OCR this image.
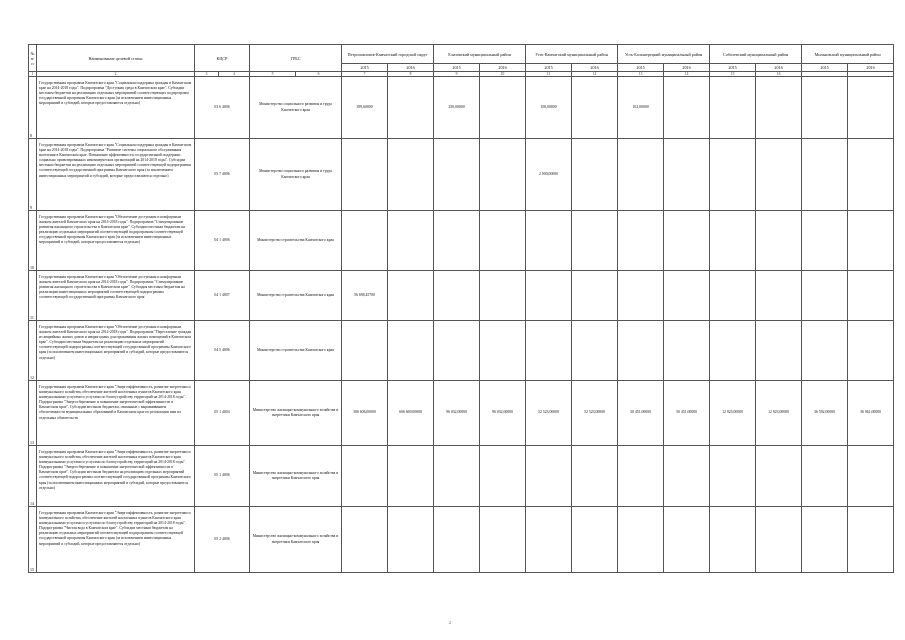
№ п/п	Наименование целевой статьи	КЦСР		ГРБС		Петропавловск-Камчатский городской округ		Елизовский муниципальный район		Усть-Камчатский муниципальный район		Усть-Большерецкий муниципальный район		Соболевский муниципальный район		Мильковский муниципальный район	
						2015	2016	2015	2016	2015	2016	2015	2016	2015	2016	2015	2016
1	2	3	4	5	6	7	8	9	10	11	12	13	14	15	16		
8	Государственная программа Камчатского края "Социальная поддержка граждан в Камчатском крае на 2014-2018 годы". Подпрограмма "Доступная среда в Камчатском крае". Субсидии местным бюджетам на реализацию отдельных мероприятий соответствующих подпрограмм государственной программы Камчатского края (за исключением инвестиционных мероприятий и субсидий, которые предоставляются отдельно)	03 6 4006		Министерство социального развития и труда Камчатского края		399,60000		250,00000		100,00000		102,00000					
9	Государственная программа Камчатского края "Социальная поддержка граждан в Камчатском крае на 2014-2018 годы". Подпрограмма "Развитие системы социального обслуживания населения в Камчатском крае. Повышение эффективности государственной поддержки социально ориентированных некоммерческих организаций на 2014-2018 годы". Субсидии местным бюджетам на реализацию отдельных мероприятий соответствующей подпрограммы соответствующей государственной программы Камчатского края (за исключением инвестиционных мероприятий и субсидий, которые предоставляются отдельно)	03 7 4006		Министерство социального развития и труда Камчатского края						2 000,00000							
10	Государственная программа Камчатского края "Обеспечение доступным и комфортным жильем жителей Камчатского края на 2014-2018 годы". Подпрограмма "Стимулирование развития жилищного строительства в Камчатском крае". Субсидии местным бюджетам на реализацию отдельных мероприятий соответствующей подпрограммы соответствующей государственной программы Камчатского края (за исключением инвестиционных мероприятий и субсидий, которые предоставляются отдельно)	04 1 4006		Министерство строительства Камчатского края													
11	Государственная программа Камчатского края "Обеспечение доступным и комфортным жильем жителей Камчатского края на 2014-2018 годы". Подпрограмма "Стимулирование развития жилищного строительства в Камчатском крае". Субсидия местным бюджетам на реализацию инвестиционных мероприятий соответствующей подпрограммы соответствующей государственной программы Камчатского края	04 1 4007		Министерство строительства Камчатского края		56 698,45700											
12	Государственная программа Камчатского края "Обеспечение доступным и комфортным жильем жителей Камчатского края на 2014-2018 годы". Подпрограмма "Переселение граждан из аварийных жилых домов и непригодных для проживания жилых помещений в Камчатском крае". Субсидии местным бюджетам на реализацию отдельных мероприятий соответствующей подпрограммы соответствующей государственной программы Камчатского края (за исключением инвестиционных мероприятий и субсидий, которые предоставляются отдельно)	04 5 4006		Министерство строительства Камчатского края													
13	Государственная программа Камчатского края "Энергоэффективность, развитие энергетики и коммунального хозяйства, обеспечение жителей населенных пунктов Камчатского края коммунальными услугами и услугами по благоустройству территорий на 2014-2018 годы". Подпрограмма "Энергосбережение и повышение энергетической эффективности в Камчатском крае". Субсидии местным бюджетам, связанные с выравниванием обеспеченности муниципальных образований в Камчатском крае по реализации ими их отдельных обязательств	05 1 4004		Министерство жилищно-коммунального хозяйства и энергетики Камчатского края		306 606,00000	606 669,00000	96 032,00000	96 032,00000	52 523,00000	52 523,00000	50 451,00000	50 451,00000	12 923,00000	12 923,00000	36 592,00000	36 061,00000
14	Государственная программа Камчатского края "Энергоэффективность, развитие энергетики и коммунального хозяйства, обеспечение жителей населенных пунктов Камчатского края коммунальными услугами и услугами по благоустройству территорий на 2014-2018 годы". Подпрограмма "Энергосбережение и повышение энергетической эффективности в Камчатском крае". Субсидии местным бюджетам на реализацию отдельных мероприятий соответствующей подпрограммы соответствующей государственной программы Камчатского края (за исключением инвестиционных мероприятий и субсидий, которые предоставляются отдельно)	05 1 4006		Министерство жилищно-коммунального хозяйства и энергетики Камчатского края													
15	Государственная программа Камчатского края "Энергоэффективность, развитие энергетики и коммунального хозяйства, обеспечение жителей населенных пунктов Камчатского края коммунальными услугами и услугами по благоустройству территорий на 2014-2018 годы". Подпрограмма "Чистая вода в Камчатском крае". Субсидии местным бюджетам на реализацию отдельных мероприятий соответствующей подпрограммы соответствующей государственной программы Камчатского края (за исключением инвестиционных мероприятий и субсидий, которые предоставляются отдельно)	05 2 4006		Министерство жилищно-коммунального хозяйства и энергетики Камчатского края													
2
